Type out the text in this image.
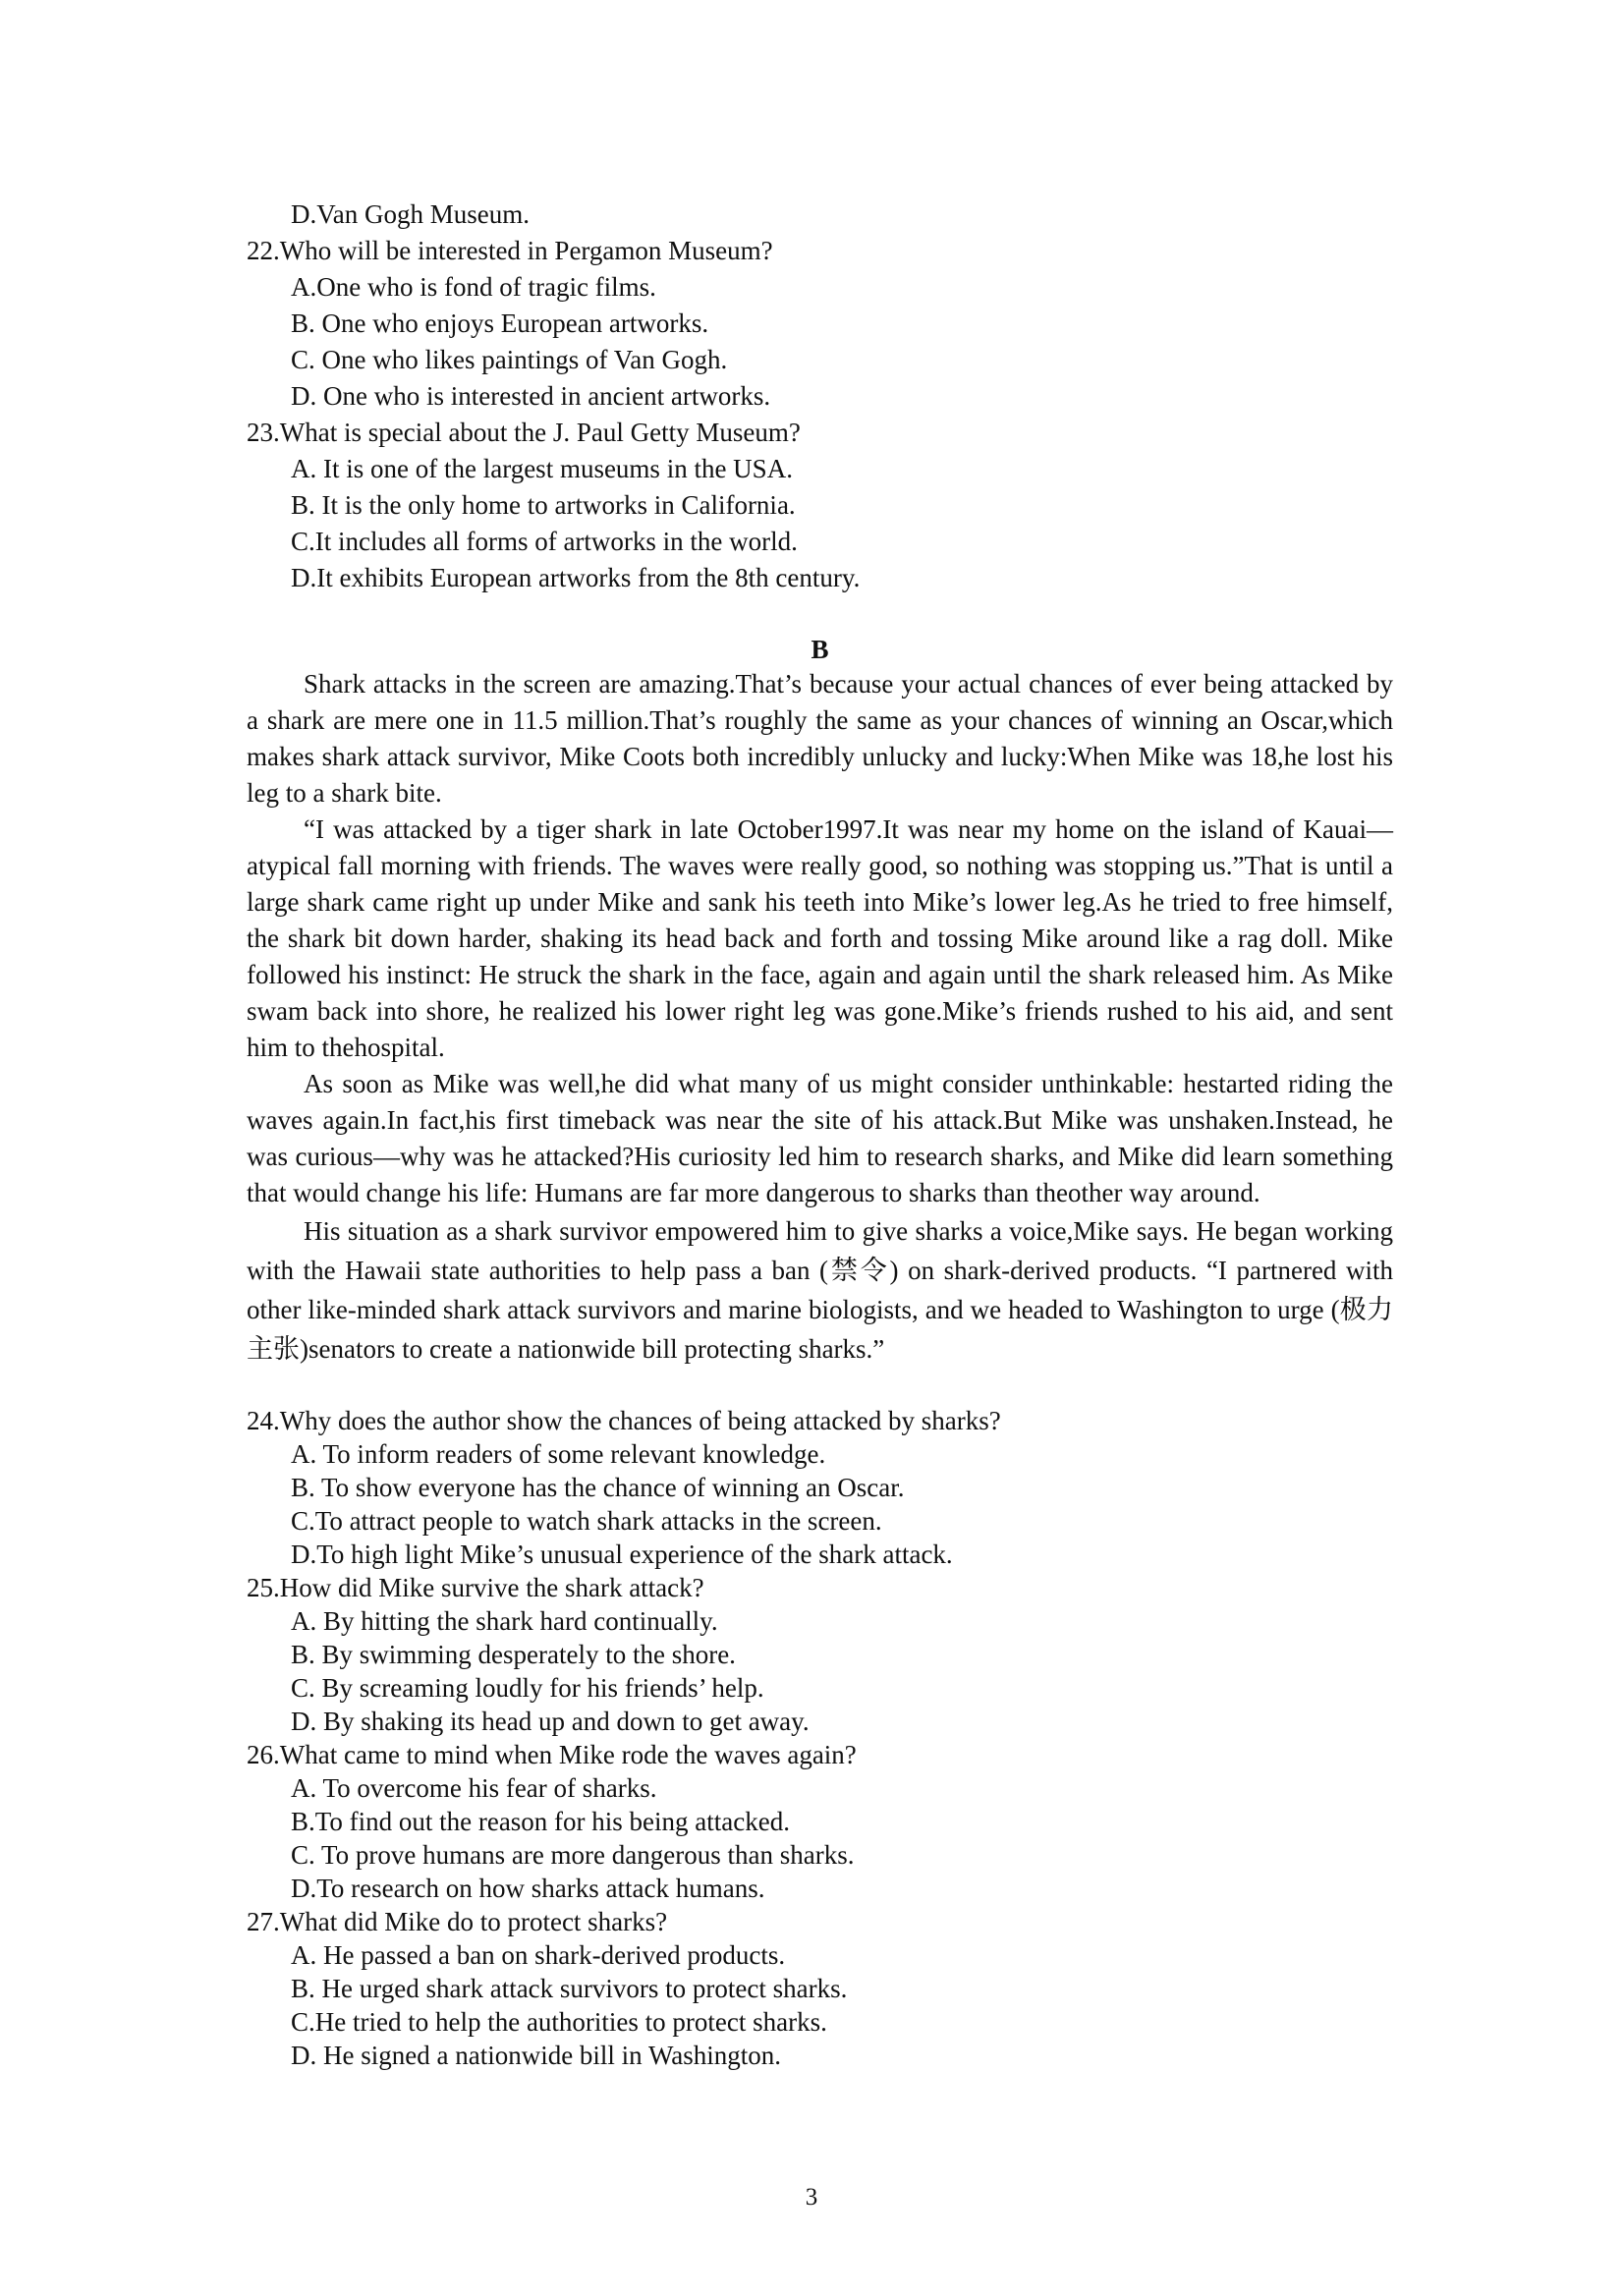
D.Van Gogh Museum.
22.Who will be interested in Pergamon Museum?
A.One who is fond of tragic films.
B. One who enjoys European artworks.
C. One who likes paintings of Van Gogh.
D. One who is interested in ancient artworks.
23.What is special about the J. Paul Getty Museum?
A. It is one of the largest museums in the USA.
B. It is the only home to artworks in California.
C.It includes all forms of artworks in the world.
D.It exhibits European artworks from the 8th century.
B

Shark attacks in the screen are amazing.That’s because your actual chances of ever being attacked by a shark are mere one in 11.5 million.That’s roughly the same as your chances of winning an Oscar,which makes shark attack survivor, Mike Coots both incredibly unlucky and lucky:When Mike was 18,he lost his leg to a shark bite.

“I was attacked by a tiger shark in late October1997.It was near my home on the island of Kauai—atypical fall morning with friends. The waves were really good, so nothing was stopping us.”That is until a large shark came right up under Mike and sank his teeth into Mike’s lower leg.As he tried to free himself, the shark bit down harder, shaking its head back and forth and tossing Mike around like a rag doll. Mike followed his instinct: He struck the shark in the face, again and again until the shark released him. As Mike swam back into shore, he realized his lower right leg was gone.Mike’s friends rushed to his aid, and sent him to thehospital.

As soon as Mike was well,he did what many of us might consider unthinkable: hestarted riding the waves again.In fact,his first timeback was near the site of his attack.But Mike was unshaken.Instead, he was curious—why was he attacked?His curiosity led him to research sharks, and Mike did learn something that would change his life: Humans are far more dangerous to sharks than theother way around.

His situation as a shark survivor empowered him to give sharks a voice,Mike says. He began working with the Hawaii state authorities to help pass a ban (禁令) on shark-derived products. “I partnered with other like-minded shark attack survivors and marine biologists, and we headed to Washington to urge (极力主张)senators to create a nationwide bill protecting sharks.”

24.Why does the author show the chances of being attacked by sharks?
A. To inform readers of some relevant knowledge.
B. To show everyone has the chance of winning an Oscar.
C.To attract people to watch shark attacks in the screen.
D.To high light Mike’s unusual experience of the shark attack.
25.How did Mike survive the shark attack?
A. By hitting the shark hard continually.
B. By swimming desperately to the shore.
C. By screaming loudly for his friends’ help.
D. By shaking its head up and down to get away.
26.What came to mind when Mike rode the waves again?
A. To overcome his fear of sharks.
B.To find out the reason for his being attacked.
C. To prove humans are more dangerous than sharks.
D.To research on how sharks attack humans.
27.What did Mike do to protect sharks?
A. He passed a ban on shark-derived products.
B. He urged shark attack survivors to protect sharks.
C.He tried to help the authorities to protect sharks.
D. He signed a nationwide bill in Washington.
3
